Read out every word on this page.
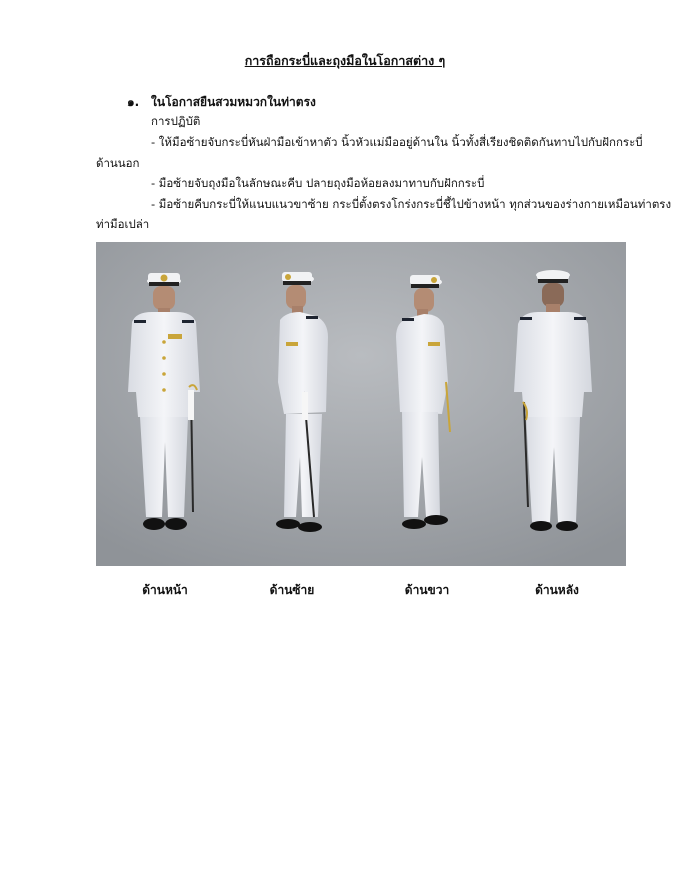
การถือกระบี่และถุงมือในโอกาสต่าง ๆ
๑. ในโอกาสยืนสวมหมวกในท่าตรง
การปฏิบัติ
- ให้มือซ้ายจับกระบี่หันฝ่ามือเข้าหาตัว นิ้วหัวแม่มืออยู่ด้านใน นิ้วทั้งสี่เรียงชิดติดกันทาบไปกับฝักกระบี่
ด้านนอก
- มือซ้ายจับถุงมือในลักษณะคีบ ปลายถุงมือห้อยลงมาทาบกับฝักกระบี่
- มือซ้ายคีบกระบี่ให้แนบแนวขาซ้าย กระบี่ตั้งตรงโกร่งกระบี่ชี้ไปข้างหน้า ทุกส่วนของร่างกายเหมือนท่าตรง
ท่ามือเปล่า
ด้านหน้า	ด้านซ้าย	ด้านขวา	ด้านหลัง
